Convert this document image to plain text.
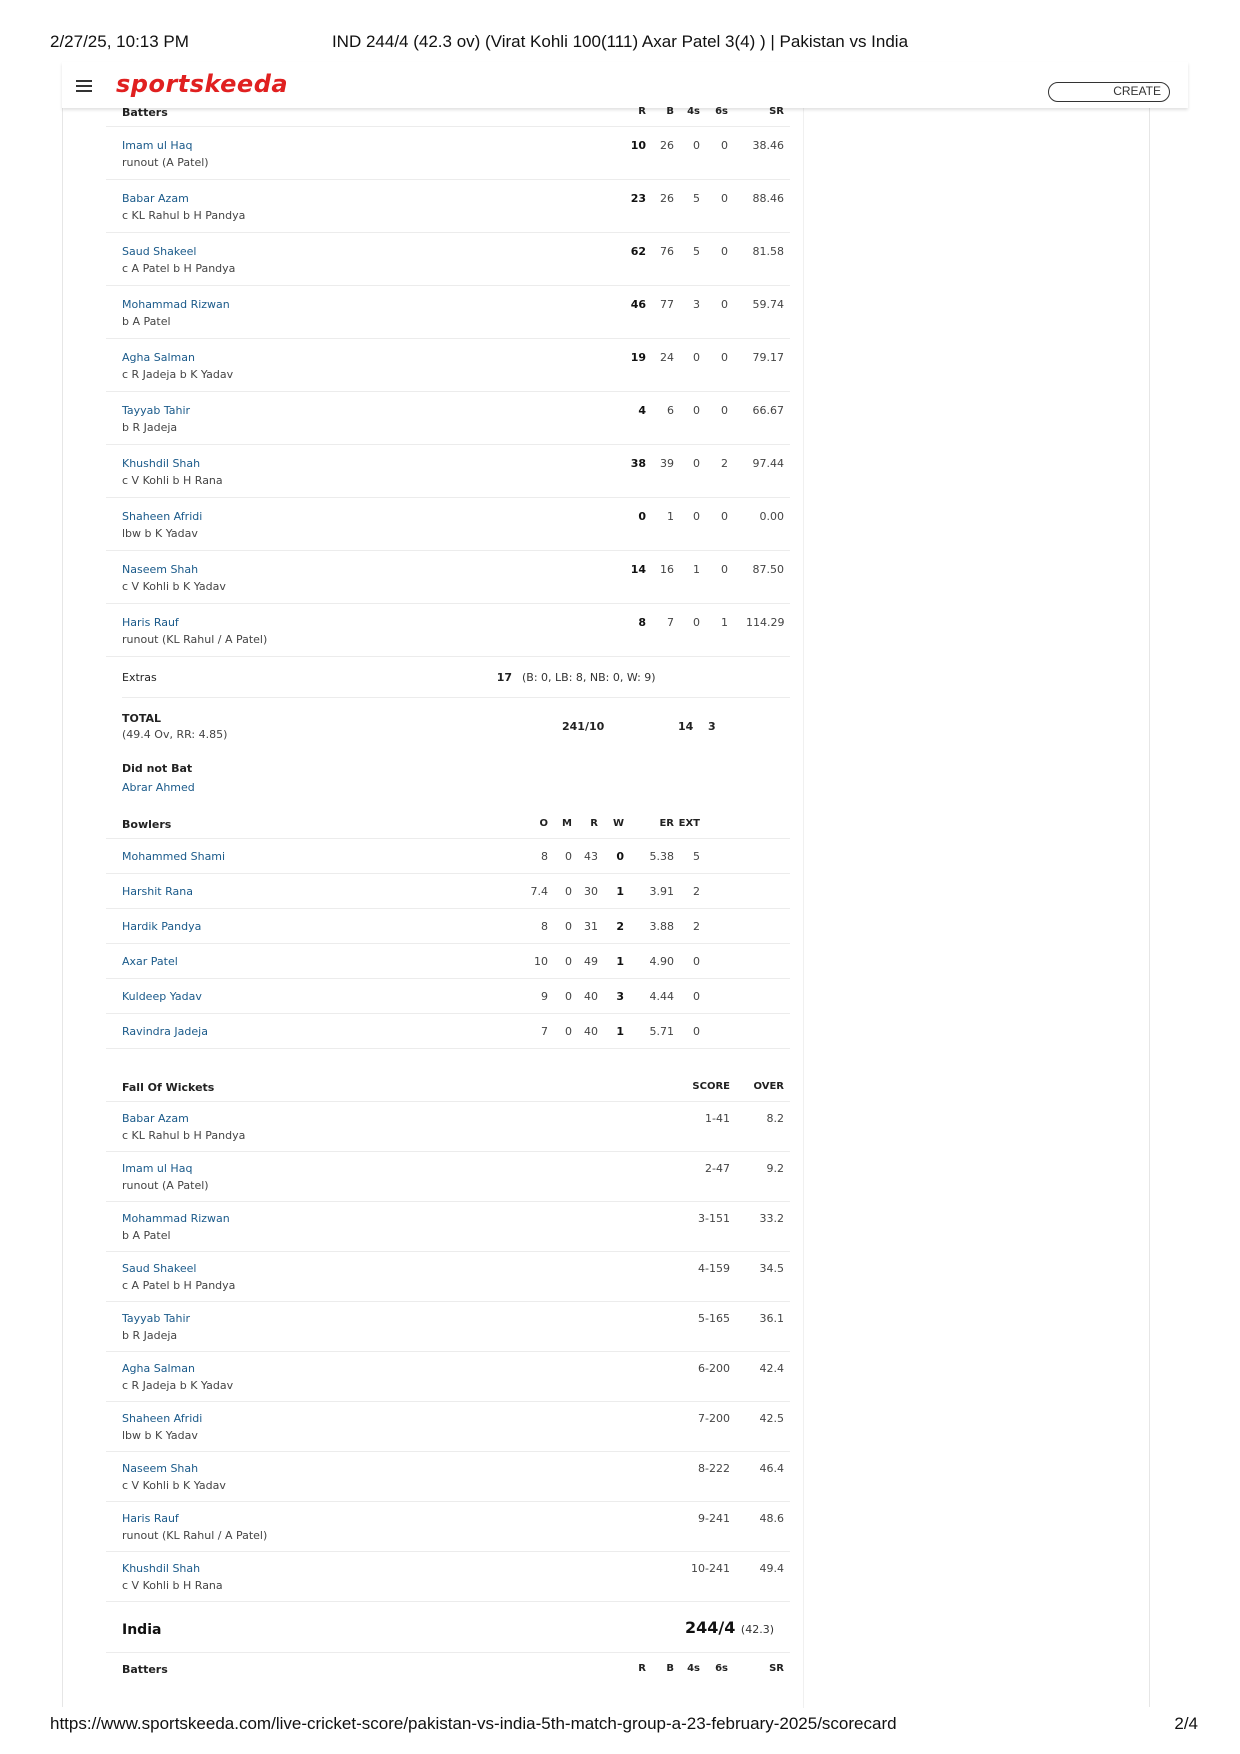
2/27/25, 10:13 PM	IND 244/4 (42.3 ov) (Virat Kohli 100(111) Axar Patel 3(4) ) | Pakistan vs India
sportskeeda	CREATE
Batters	R	B	4s	6s	SR
Imam ul Haq
runout (A Patel)
10	26	0	0	38.46
Babar Azam
c KL Rahul b H Pandya
23	26	5	0	88.46
Saud Shakeel
c A Patel b H Pandya
62	76	5	0	81.58
Mohammad Rizwan
b A Patel
46	77	3	0	59.74
Agha Salman
c R Jadeja b K Yadav
19	24	0	0	79.17
Tayyab Tahir
b R Jadeja
4	6	0	0	66.67
Khushdil Shah
c V Kohli b H Rana
38	39	0	2	97.44
Shaheen Afridi
lbw b K Yadav
0	1	0	0	0.00
Naseem Shah
c V Kohli b K Yadav
14	16	1	0	87.50
Haris Rauf
runout (KL Rahul / A Patel)
8	7	0	1 114.29
Extras	17 (B: 0, LB: 8, NB: 0, W: 9)
TOTAL
(49.4 Ov, RR: 4.85)
241/10	14 3
Did not Bat
Abrar Ahmed
Bowlers	O	M	R	W	ER EXT
Mohammed Shami	8	0	43	0	5.38	5
Harshit Rana	7.4	0	30	1	3.91	2
Hardik Pandya	8	0	31	2	3.88	2
Axar Patel	10	0	49	1	4.90	0
Kuldeep Yadav	9	0	40	3	4.44	0
Ravindra Jadeja	7	0	40	1	5.71	0
Fall Of Wickets	SCORE	OVER
Babar Azam
c KL Rahul b H Pandya
1-41	8.2
Imam ul Haq
runout (A Patel)
2-47	9.2
Mohammad Rizwan
b A Patel
3-151	33.2
Saud Shakeel
c A Patel b H Pandya
4-159	34.5
Tayyab Tahir
b R Jadeja
5-165	36.1
Agha Salman
c R Jadeja b K Yadav
6-200	42.4
Shaheen Afridi
lbw b K Yadav
7-200	42.5
Naseem Shah
c V Kohli b K Yadav
8-222	46.4
Haris Rauf
runout (KL Rahul / A Patel)
9-241	48.6
Khushdil Shah
c V Kohli b H Rana
10-241	49.4
India	244/4 (42.3)
Batters	R	B	4s	6s	SR
https://www.sportskeeda.com/live-cricket-score/pakistan-vs-india-5th-match-group-a-23-february-2025/scorecard	2/4
